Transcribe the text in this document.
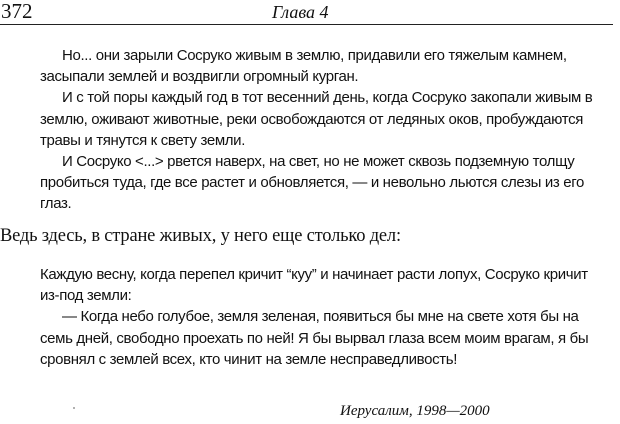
372	Глава 4

Но... они зарыли Сосруко живым в землю, придавили его тяжелым камнем, засыпали землей и воздвигли огромный курган.

И с той поры каждый год в тот весенний день, когда Сосруко закопали живым в землю, оживают животные, реки освобождаются от ледяных оков, пробуждаются травы и тянутся к свету земли.

И Сосруко <...> рвется наверх, на свет, но не может сквозь подземную толщу пробиться туда, где все растет и обновляется, — и невольно льются слезы из его глаз.

Ведь здесь, в стране живых, у него еще столько дел:

Каждую весну, когда перепел кричит “куу” и начинает расти лопух, Сосруко кричит из-под земли:

— Когда небо голубое, земля зеленая, появиться бы мне на свете хотя бы на семь дней, свободно проехать по ней! Я бы вырвал глаза всем моим врагам, я бы сровнял с землей всех, кто чинит на земле несправедливость!

Иерусалим, 1998—2000
